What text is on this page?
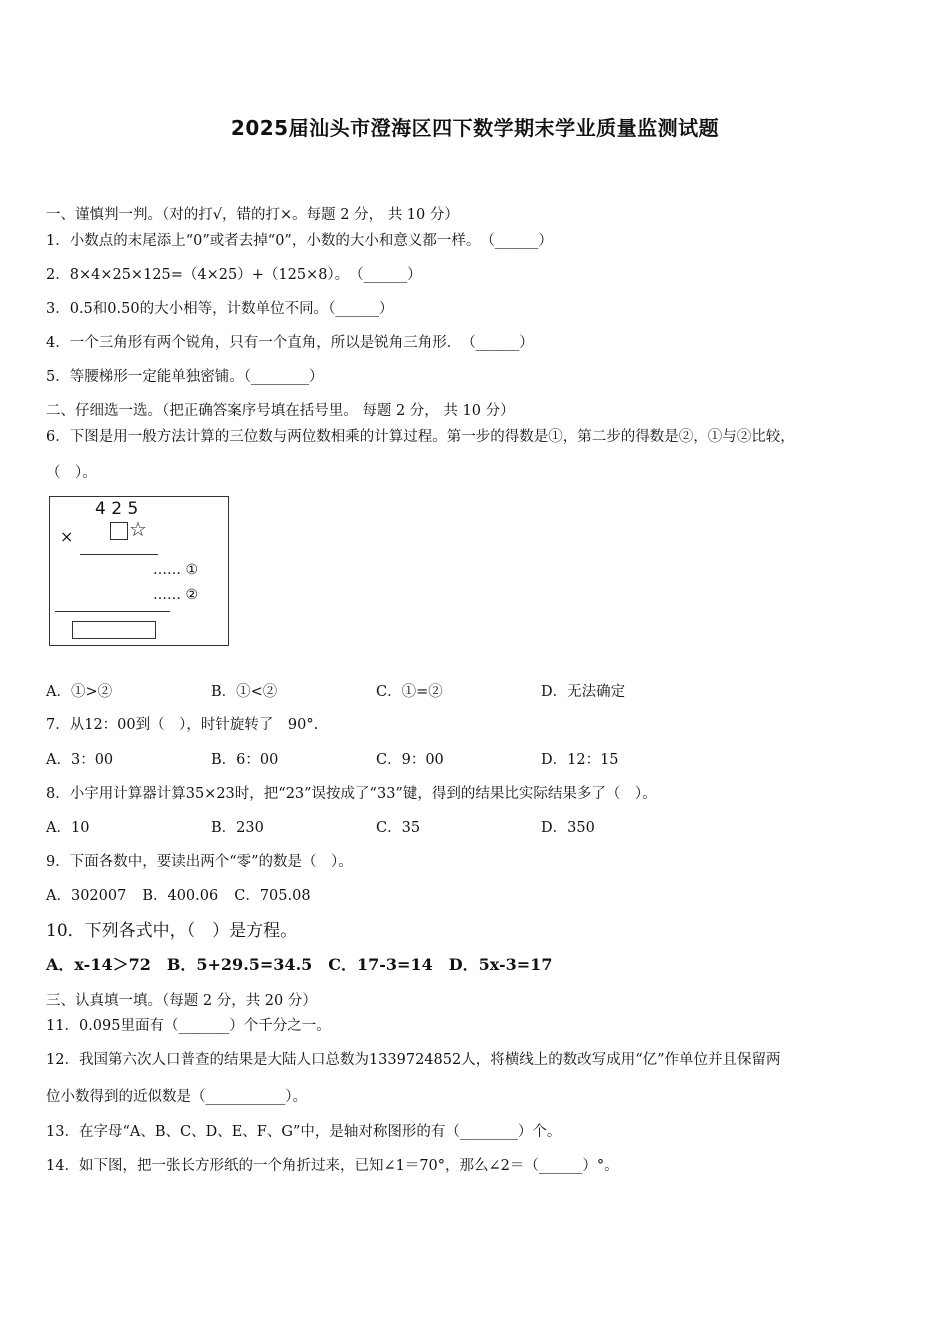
2025届汕头市澄海区四下数学期末学业质量监测试题
一、谨慎判一判。（对的打√，错的打×。每题 2 分， 共 10 分）
1．小数点的末尾添上“0”或者去掉“0”，小数的大小和意义都一样。　（______）
2．8×4×25×125=（4×25）+（125×8）。　（______）
3．0.5和0.50的大小相等，计数单位不同。（______）
4．一个三角形有两个锐角，只有一个直角，所以是锐角三角形．　（______）
5．等腰梯形一定能单独密铺。（________）
二、仔细选一选。（把正确答案序号填在括号里。 每题 2 分， 共 10 分）
6．下图是用一般方法计算的三位数与两位数相乘的计算过程。第一步的得数是①，第二步的得数是②，①与②比较，
（　）。
4 2 5
☆
×
…… ①
…… ②
A．①>②	B．①<②	C．①=②	D．无法确定
7．从12：00到（　），时针旋转了　90°.
A．3：00	B．6：00	C．9：00	D．12：15
8．小宇用计算器计算35×23时，把“23”误按成了“33”键，得到的结果比实际结果多了（　）。
A．10	B．230	C．35	D．350
9．下面各数中，要读出两个“零”的数是（　）。
A．302007 B．400.06 C．705.08
10．下列各式中，（　）是方程。
A．x-14＞72 B．5+29.5=34.5 C．17-3=14 D．5x-3=17
三、认真填一填。（每题 2 分，共 20 分）
11．0.095里面有（_______）个千分之一。
12．我国第六次人口普查的结果是大陆人口总数为1339724852人，将横线上的数改写成用“亿”作单位并且保留两
位小数得到的近似数是（___________）。
13．在字母“A、B、C、D、E、F、G”中，是轴对称图形的有（________）个。
14．如下图，把一张长方形纸的一个角折过来，已知∠1＝70°，那么∠2＝（______）°。
